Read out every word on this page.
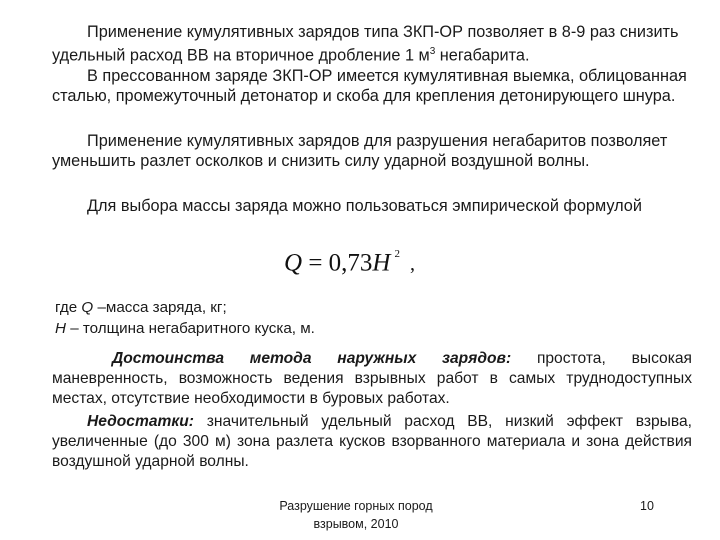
Применение кумулятивных зарядов типа ЗКП-ОР позволяет в 8-9 раз снизить удельный расход ВВ на вторичное дробление 1 $м^3$ негабарита.

В прессованном заряде ЗКП-ОР имеется кумулятивная выемка, облицованная сталью, промежуточный детонатор и скоба для крепления детонирующего шнура.

Применение кумулятивных зарядов для разрушения негабаритов позволяет уменьшить разлет осколков и снизить силу ударной воздушной волны.

Для выбора массы заряда можно пользоваться эмпирической формулой

Q = 0,73H $^2$ ,

где Q –масса заряда, кг;

H – толщина негабаритного куска, м.

Достоинства метода наружных зарядов: простота, высокая маневренность, возможность ведения взрывных работ в самых труднодоступных местах, отсутствие необходимости в буровых работах.

Недостатки: значительный удельный расход ВВ, низкий эффект взрыва, увеличенные (до 300 м) зона разлета кусков взорванного материала и зона действия воздушной ударной волны.

Разрушение горных пород
взрывом, 2010
10
